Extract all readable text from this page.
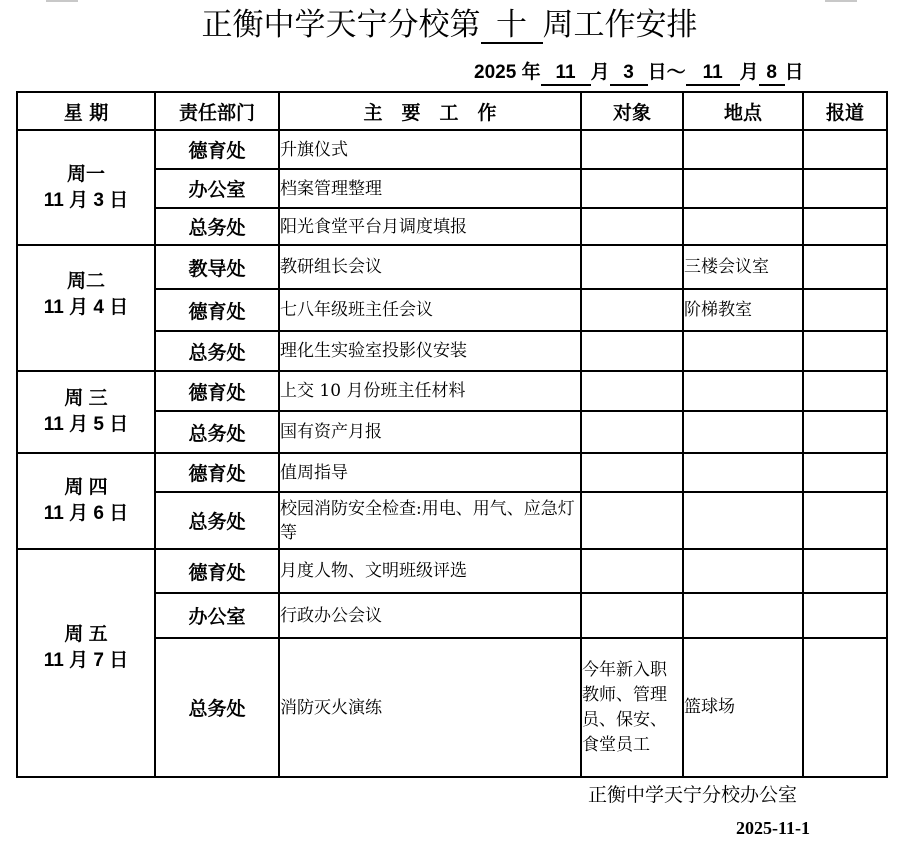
正衡中学天宁分校第 十 周工作安排
2025 年 11 月 3 日～ 11 月 8 日
星 期	责任部门	主　要　工　作	对象	地点	报道

周一
11 月 3 日	德育处	升旗仪式			
	办公室	档案管理整理			
	总务处	阳光食堂平台月调度填报			

周二
11 月 4 日	教导处	教研组长会议		三楼会议室	
	德育处	七八年级班主任会议		阶梯教室	
	总务处	理化生实验室投影仪安装			

周 三
11 月 5 日	德育处	上交 10 月份班主任材料			
	总务处	国有资产月报			

周 四
11 月 6 日	德育处	值周指导			
	总务处	校园消防安全检查:用电、用气、应急灯等			

周 五
11 月 7 日	德育处	月度人物、文明班级评选			
	办公室	行政办公会议			
	总务处	消防灭火演练	今年新入职教师、管理员、保安、食堂员工	篮球场	
正衡中学天宁分校办公室
2025-11-1
